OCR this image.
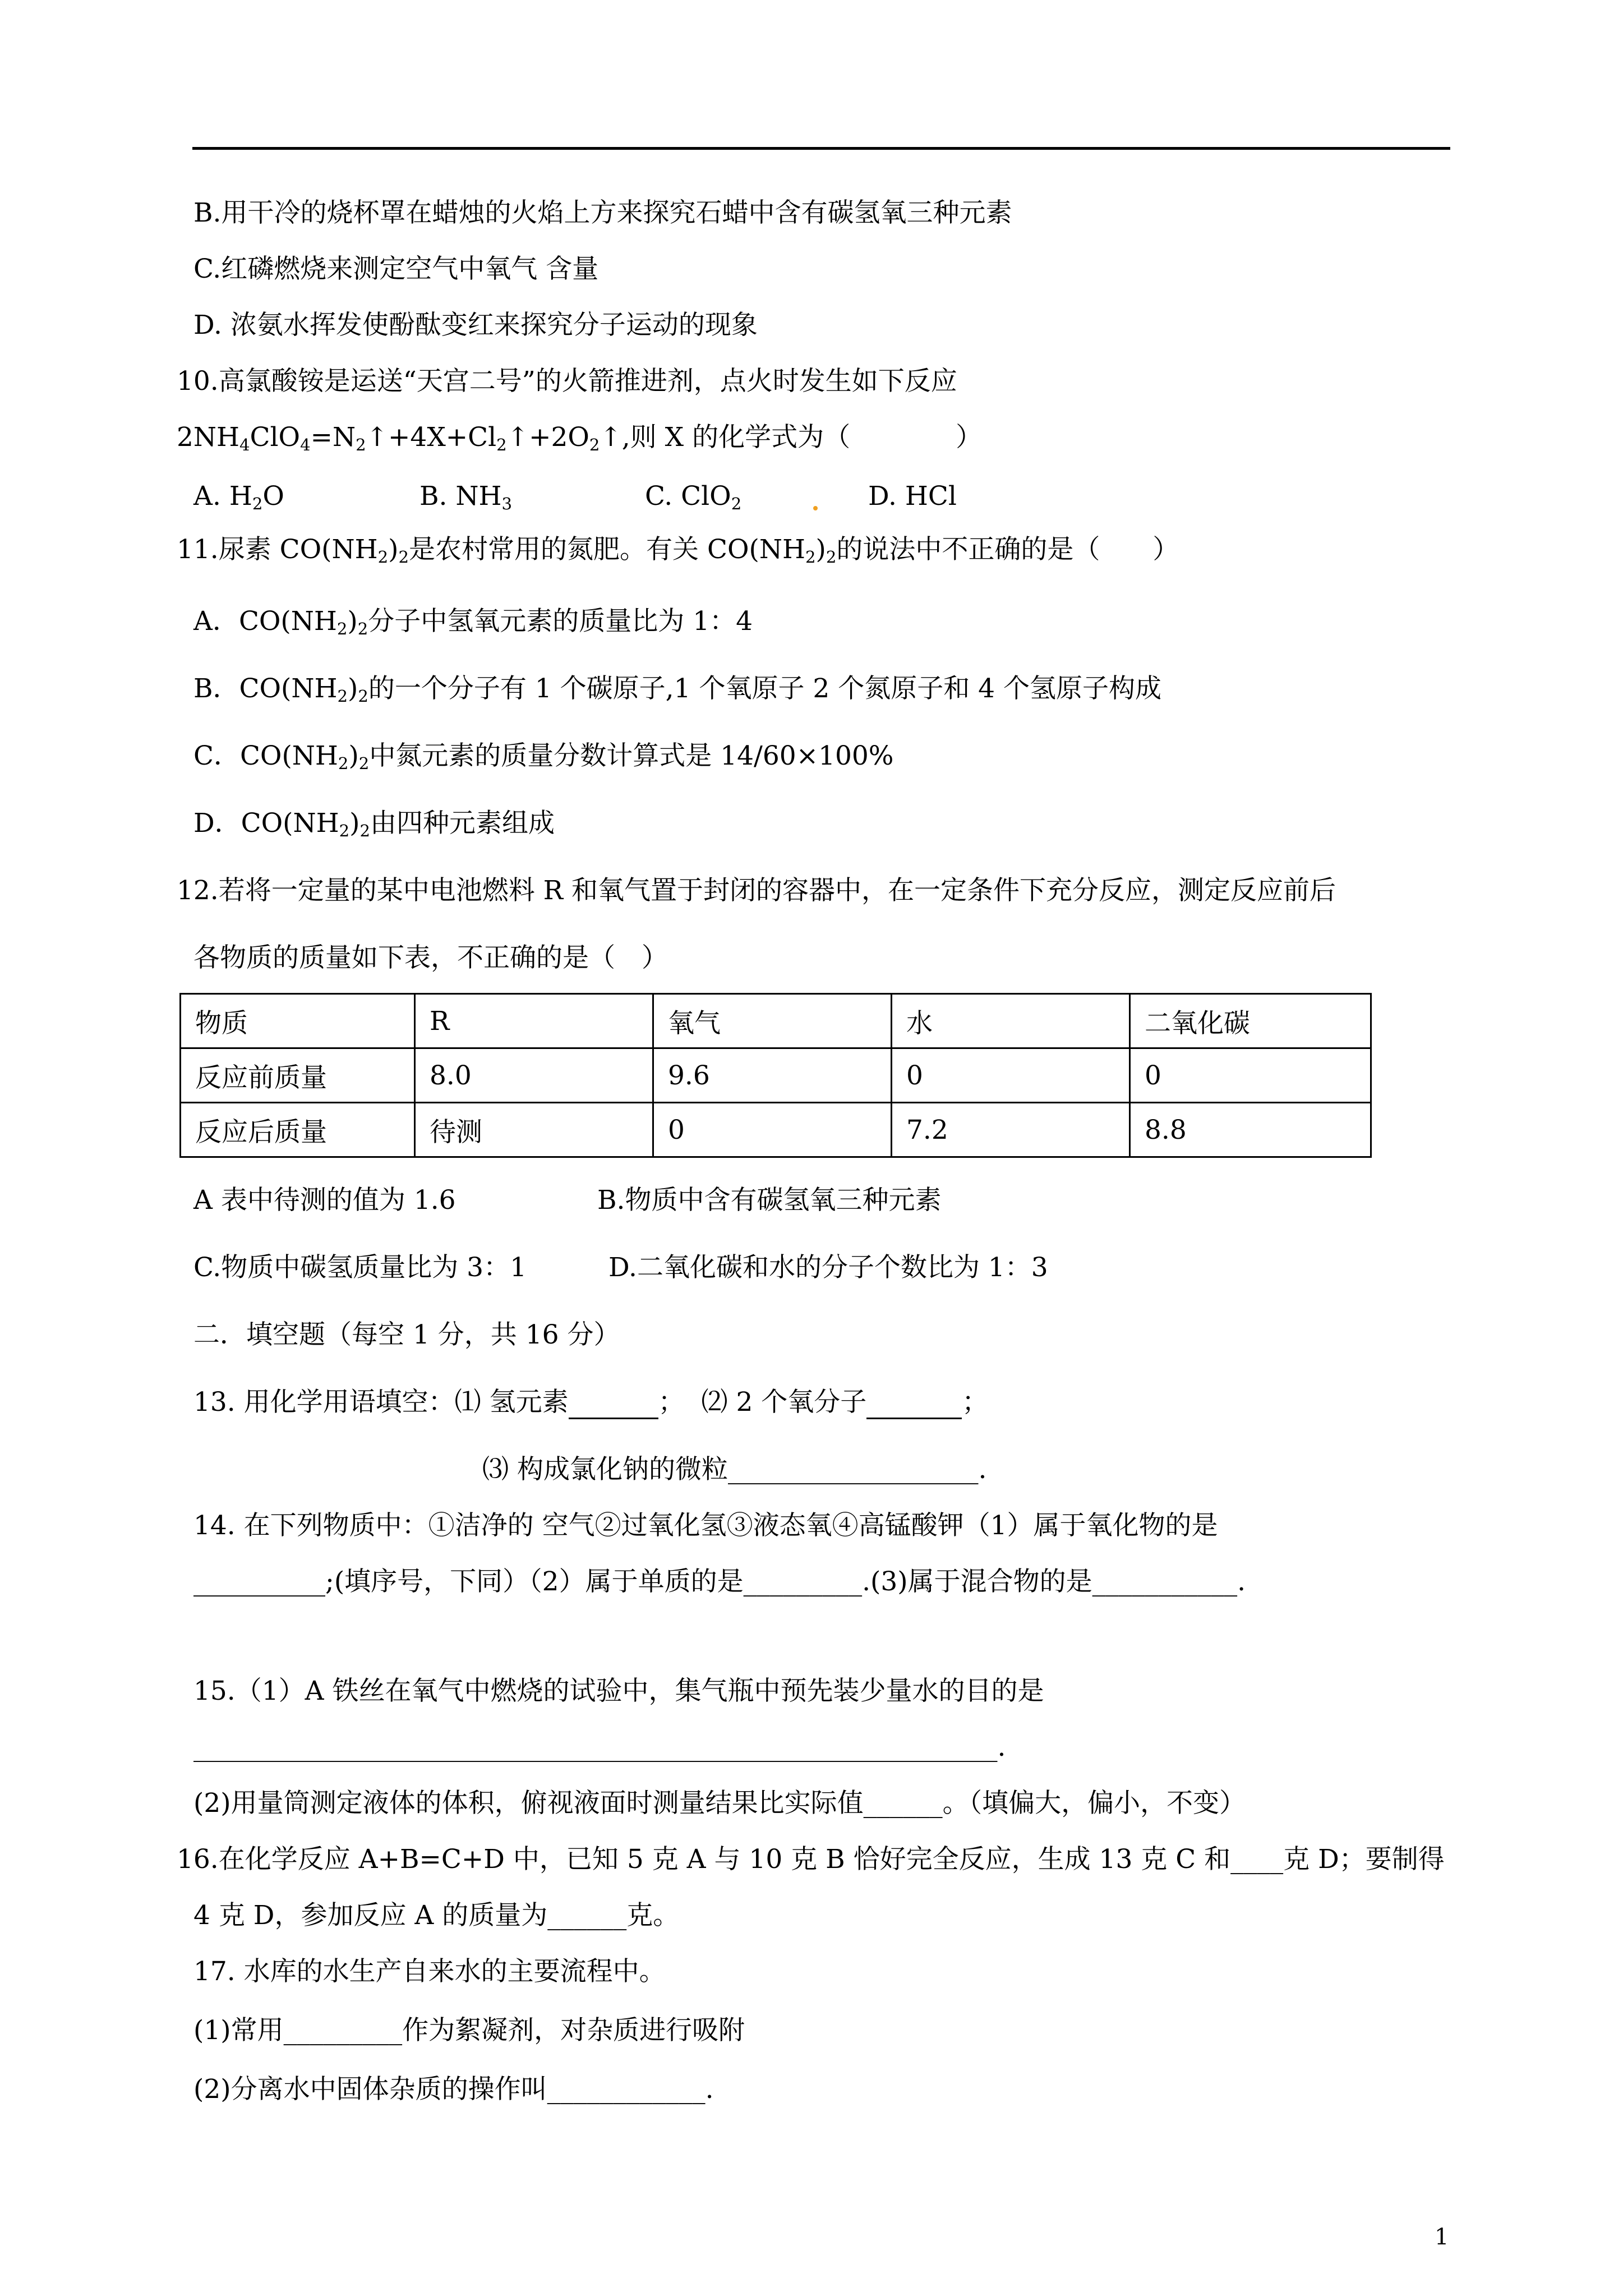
B.用干冷的烧杯罩在蜡烛的火焰上方来探究石蜡中含有碳氢氧三种元素
C.红磷燃烧来测定空气中氧气 含量
D. 浓氨水挥发使酚酞变红来探究分子运动的现象
10.高氯酸铵是运送“天宫二号”的火箭推进剂，点火时发生如下反应
$2NH_4ClO_4=N_2↑+4X+Cl_2↑+2O_2↑$,则 X 的化学式为（　　　　）
A. $H_2O$	B. $NH_3$	C. ClO$_2$	D. HCl
11.尿素 $CO(NH_2)_2$是农村常用的氮肥。有关 $CO(NH_2)_2$的说法中不正确的是（　　）
A．$CO(NH_2)_2$分子中氢氧元素的质量比为 1：4
B．$CO(NH_2)_2$的一个分子有 1 个碳原子,1 个氧原子 2 个氮原子和 4 个氢原子构成
C．$CO(NH_2)_2$中氮元素的质量分数计算式是 14/60×100%
D．$CO(NH_2)_2$由四种元素组成
12.若将一定量的某中电池燃料 R 和氧气置于封闭的容器中，在一定条件下充分反应，测定反应前后
各物质的质量如下表，不正确的是（　）
物质	R	氧气	水	二氧化碳
反应前质量	8.0	9.6	0	0
反应后质量	待测	0	7.2	8.8
A 表中待测的值为 1.6	B.物质中含有碳氢氧三种元素
C.物质中碳氢质量比为 3：1	D.二氧化碳和水的分子个数比为 1：3
二．填空题（每空 1 分，共 16 分）
13. 用化学用语填空：⑴ 氢元素	；  ⑵ 2 个氧分子	；
⑶ 构成氯化钠的微粒___________________.
14. 在下列物质中：①洁净的 空气②过氧化氢③液态氧④高锰酸钾（1）属于氧化物的是
__________;(填序号，下同）（2）属于单质的是_________.(3)属于混合物的是___________.
15.（1）A 铁丝在氧气中燃烧的试验中，集气瓶中预先装少量水的目的是
_____________________________________________________________.
(2)用量筒测定液体的体积，俯视液面时测量结果比实际值______。（填偏大，偏小，不变）
16.在化学反应 A+B=C+D 中，已知 5 克 A 与 10 克 B 恰好完全反应，生成 13 克 C 和____克 D；要制得
4 克 D，参加反应 A 的质量为______克。
17. 水库的水生产自来水的主要流程中。
(1)常用_________作为絮凝剂，对杂质进行吸附
(2)分离水中固体杂质的操作叫____________.
1
